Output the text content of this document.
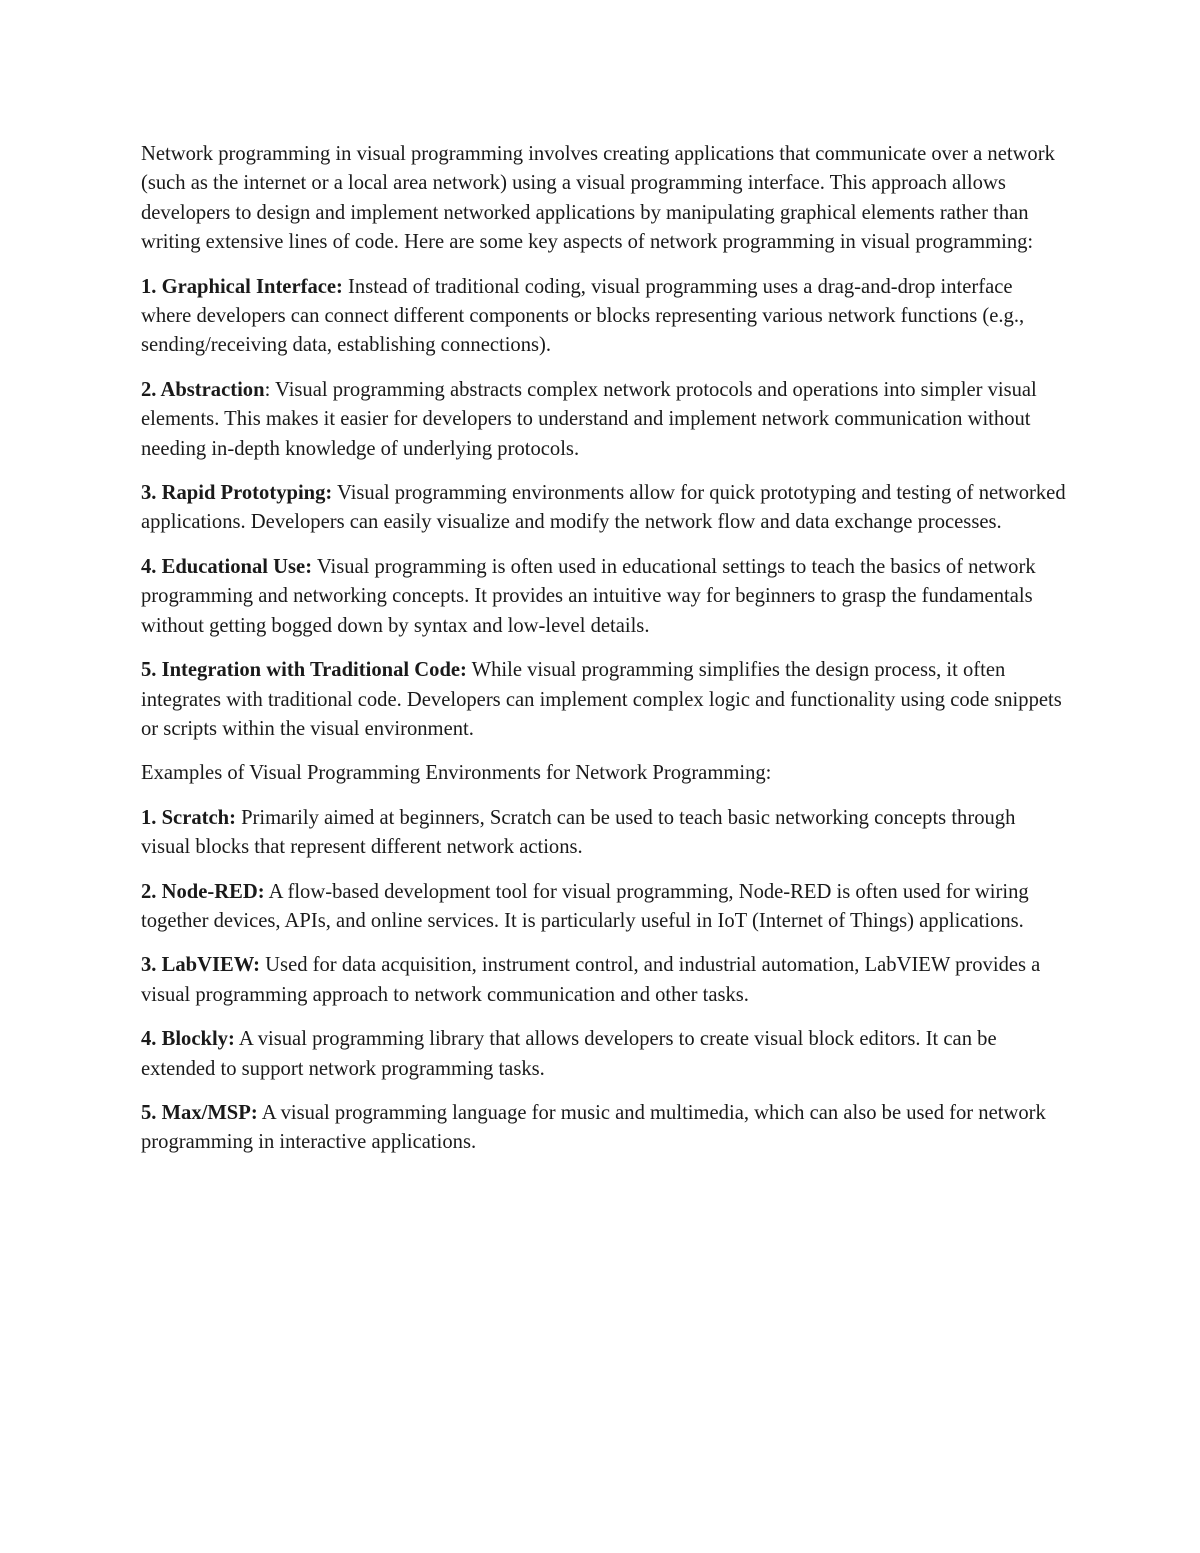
Network programming in visual programming involves creating applications that communicate over a network (such as the internet or a local area network) using a visual programming interface. This approach allows developers to design and implement networked applications by manipulating graphical elements rather than writing extensive lines of code. Here are some key aspects of network programming in visual programming:

1. Graphical Interface: Instead of traditional coding, visual programming uses a drag-and-drop interface where developers can connect different components or blocks representing various network functions (e.g., sending/receiving data, establishing connections).

2. Abstraction: Visual programming abstracts complex network protocols and operations into simpler visual elements. This makes it easier for developers to understand and implement network communication without needing in-depth knowledge of underlying protocols.

3. Rapid Prototyping: Visual programming environments allow for quick prototyping and testing of networked applications. Developers can easily visualize and modify the network flow and data exchange processes.

4. Educational Use: Visual programming is often used in educational settings to teach the basics of network programming and networking concepts. It provides an intuitive way for beginners to grasp the fundamentals without getting bogged down by syntax and low-level details.

5. Integration with Traditional Code: While visual programming simplifies the design process, it often integrates with traditional code. Developers can implement complex logic and functionality using code snippets or scripts within the visual environment.

Examples of Visual Programming Environments for Network Programming:

1. Scratch: Primarily aimed at beginners, Scratch can be used to teach basic networking concepts through visual blocks that represent different network actions.

2. Node-RED: A flow-based development tool for visual programming, Node-RED is often used for wiring together devices, APIs, and online services. It is particularly useful in IoT (Internet of Things) applications.

3. LabVIEW: Used for data acquisition, instrument control, and industrial automation, LabVIEW provides a visual programming approach to network communication and other tasks.

4. Blockly: A visual programming library that allows developers to create visual block editors. It can be extended to support network programming tasks.

5. Max/MSP: A visual programming language for music and multimedia, which can also be used for network programming in interactive applications.
